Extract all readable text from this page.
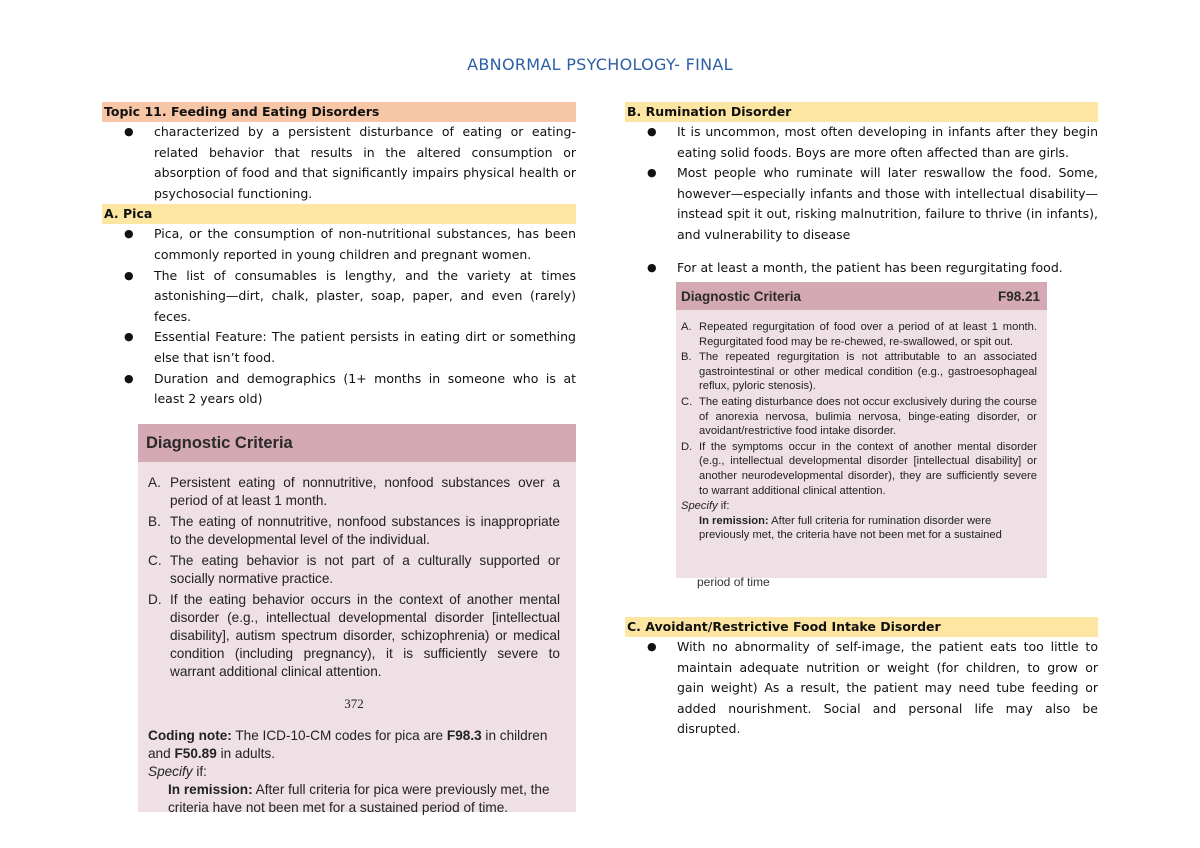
ABNORMAL PSYCHOLOGY- FINAL
Topic 11. Feeding and Eating Disorders
● characterized by a persistent disturbance of eating or eating-related behavior that results in the altered consumption or absorption of food and that significantly impairs physical health or psychosocial functioning.
A. Pica
● Pica, or the consumption of non-nutritional substances, has been commonly reported in young children and pregnant women.
● The list of consumables is lengthy, and the variety at times astonishing—dirt, chalk, plaster, soap, paper, and even (rarely) feces.
● Essential Feature: The patient persists in eating dirt or something else that isn’t food.
● Duration and demographics (1+ months in someone who is at least 2 years old)
Diagnostic Criteria
A. Persistent eating of nonnutritive, nonfood substances over a period of at least 1 month.
B. The eating of nonnutritive, nonfood substances is inappropriate to the developmental level of the individual.
C. The eating behavior is not part of a culturally supported or socially normative practice.
D. If the eating behavior occurs in the context of another mental disorder (e.g., intellectual developmental disorder [intellectual disability], autism spectrum disorder, schizophrenia) or medical condition (including pregnancy), it is sufficiently severe to warrant additional clinical attention.
372
Coding note: The ICD-10-CM codes for pica are F98.3 in children and F50.89 in adults.
Specify if:
In remission: After full criteria for pica were previously met, the criteria have not been met for a sustained period of time.
B. Rumination Disorder
● It is uncommon, most often developing in infants after they begin eating solid foods. Boys are more often affected than are girls.
● Most people who ruminate will later reswallow the food. Some, however—especially infants and those with intellectual disability—instead spit it out, risking malnutrition, failure to thrive (in infants), and vulnerability to disease
● For at least a month, the patient has been regurgitating food.
Diagnostic Criteria	F98.21
A. Repeated regurgitation of food over a period of at least 1 month. Regurgitated food may be re-chewed, re-swallowed, or spit out.
B. The repeated regurgitation is not attributable to an associated gastrointestinal or other medical condition (e.g., gastroesophageal reflux, pyloric stenosis).
C. The eating disturbance does not occur exclusively during the course of anorexia nervosa, bulimia nervosa, binge-eating disorder, or avoidant/restrictive food intake disorder.
D. If the symptoms occur in the context of another mental disorder (e.g., intellectual developmental disorder [intellectual disability] or another neurodevelopmental disorder), they are sufficiently severe to warrant additional clinical attention.
Specify if:
In remission: After full criteria for rumination disorder were previously met, the criteria have not been met for a sustained
period of time
C. Avoidant/Restrictive Food Intake Disorder
● With no abnormality of self-image, the patient eats too little to maintain adequate nutrition or weight (for children, to grow or gain weight) As a result, the patient may need tube feeding or added nourishment. Social and personal life may also be disrupted.
